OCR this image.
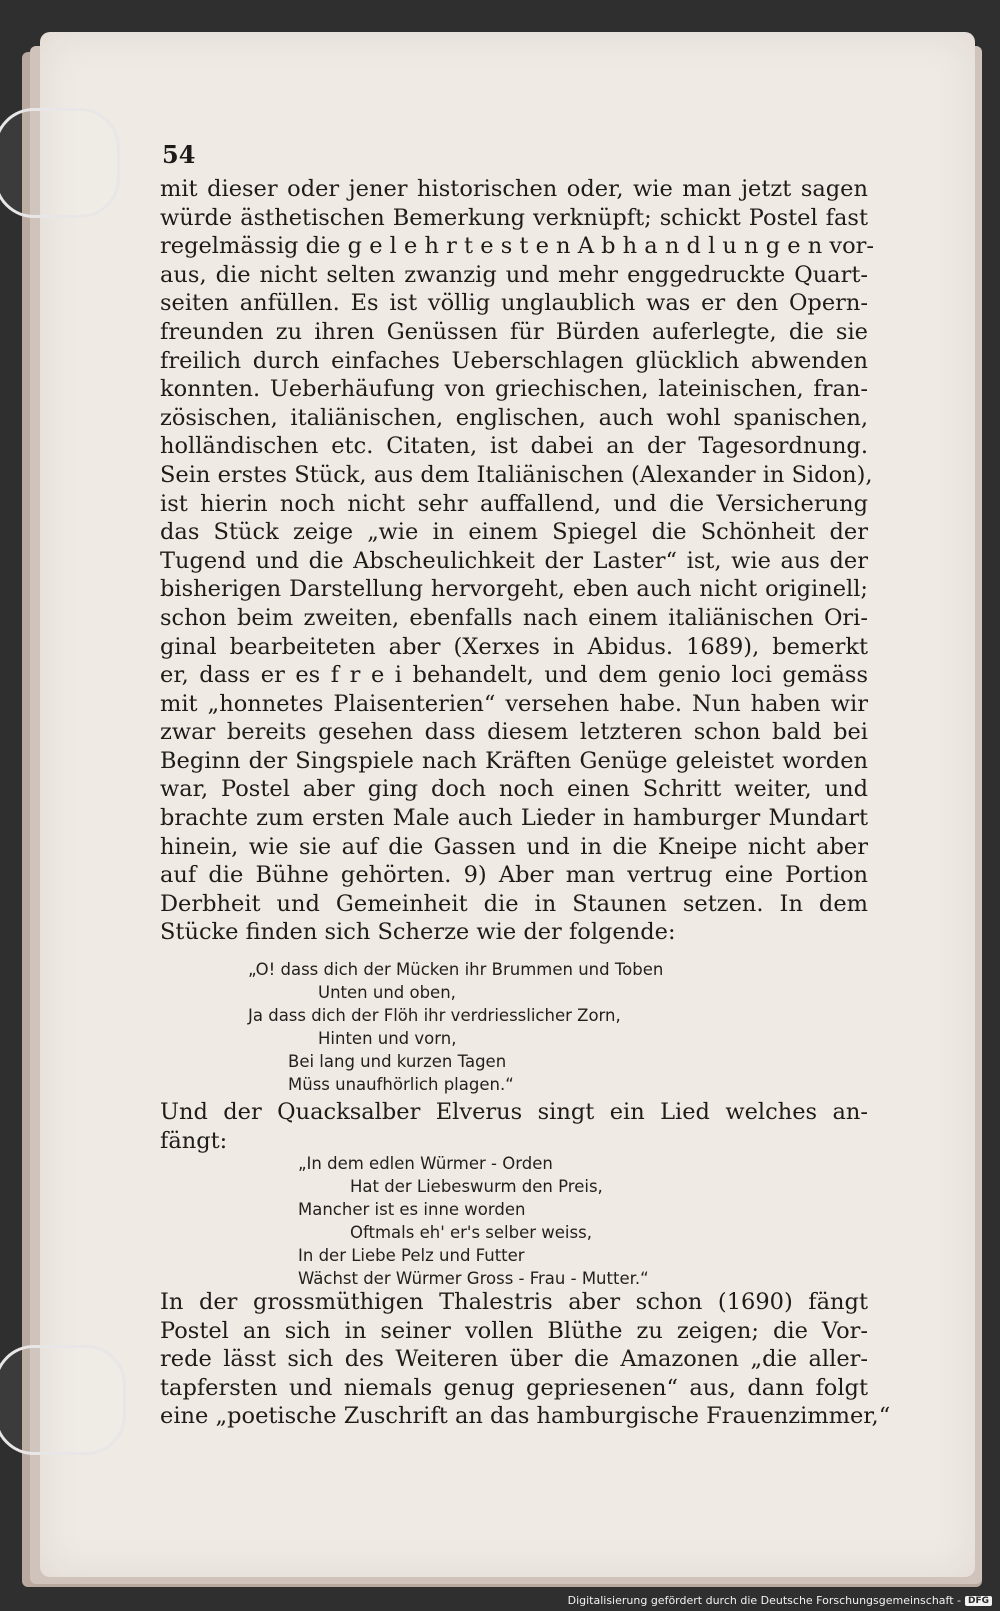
54
mit dieser oder jener historischen oder, wie man jetzt sagen
würde ästhetischen Bemerkung verknüpft; schickt Postel fast
regelmässig die g e l e h r t e s t e n A b h a n d l u n g e n vor-
aus, die nicht selten zwanzig und mehr enggedruckte Quart-
seiten anfüllen. Es ist völlig unglaublich was er den Opern-
freunden zu ihren Genüssen für Bürden auferlegte, die sie
freilich durch einfaches Ueberschlagen glücklich abwenden
konnten. Ueberhäufung von griechischen, lateinischen, fran-
zösischen, italiänischen, englischen, auch wohl spanischen,
holländischen etc. Citaten, ist dabei an der Tagesordnung.
Sein erstes Stück, aus dem Italiänischen (Alexander in Sidon),
ist hierin noch nicht sehr auffallend, und die Versicherung
das Stück zeige „wie in einem Spiegel die Schönheit der
Tugend und die Abscheulichkeit der Laster“ ist, wie aus der
bisherigen Darstellung hervorgeht, eben auch nicht originell;
schon beim zweiten, ebenfalls nach einem italiänischen Ori-
ginal bearbeiteten aber (Xerxes in Abidus. 1689), bemerkt
er, dass er es f r e i behandelt, und dem genio loci gemäss
mit „honnetes Plaisenterien“ versehen habe. Nun haben wir
zwar bereits gesehen dass diesem letzteren schon bald bei
Beginn der Singspiele nach Kräften Genüge geleistet worden
war, Postel aber ging doch noch einen Schritt weiter, und
brachte zum ersten Male auch Lieder in hamburger Mundart
hinein, wie sie auf die Gassen und in die Kneipe nicht aber
auf die Bühne gehörten. 9) Aber man vertrug eine Portion
Derbheit und Gemeinheit die in Staunen setzen. In dem
Stücke finden sich Scherze wie der folgende:
„O! dass dich der Mücken ihr Brummen und Toben
Unten und oben,
Ja dass dich der Flöh ihr verdriesslicher Zorn,
Hinten und vorn,
Bei lang und kurzen Tagen
Müss unaufhörlich plagen.“
Und der Quacksalber Elverus singt ein Lied welches an-
fängt:
„In dem edlen Würmer - Orden
Hat der Liebeswurm den Preis,
Mancher ist es inne worden
Oftmals eh' er's selber weiss,
In der Liebe Pelz und Futter
Wächst der Würmer Gross - Frau - Mutter.“
In der grossmüthigen Thalestris aber schon (1690) fängt
Postel an sich in seiner vollen Blüthe zu zeigen; die Vor-
rede lässt sich des Weiteren über die Amazonen „die aller-
tapfersten und niemals genug gepriesenen“ aus, dann folgt
eine „poetische Zuschrift an das hamburgische Frauenzimmer,“
Digitalisierung gefördert durch die Deutsche Forschungsgemeinschaft - DFG
